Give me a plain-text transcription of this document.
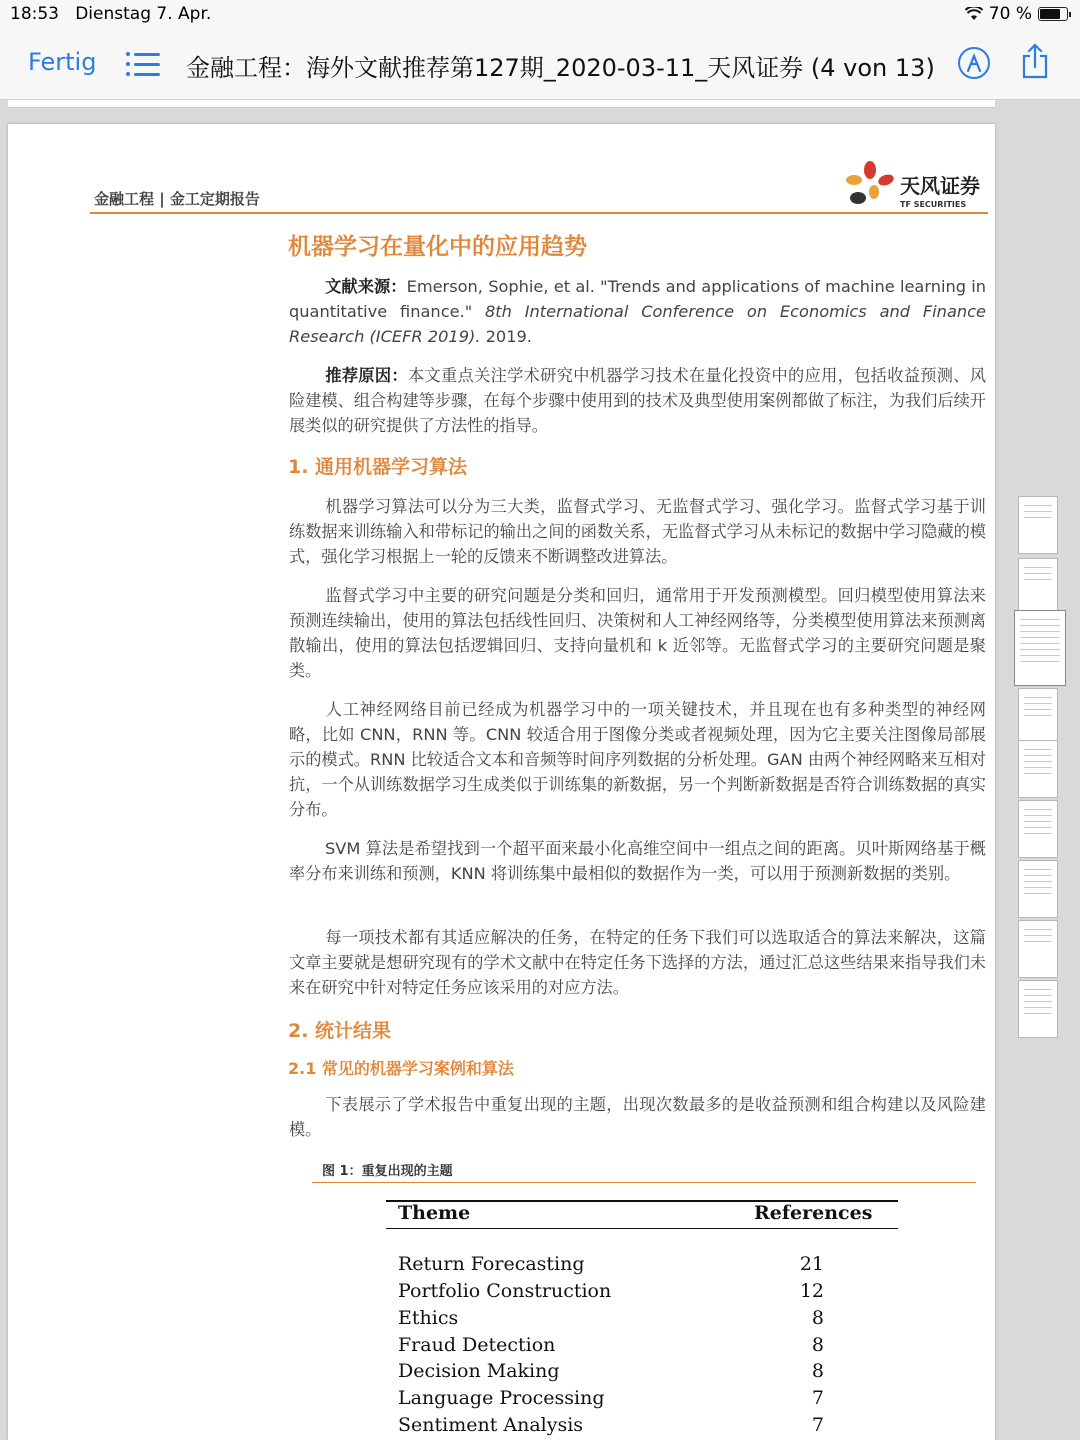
18:53 Dienstag 7. Apr.	70 %
Fertig	金融工程：海外文献推荐第127期_2020-03-11_天风证券 (4 von 13)
金融工程 | 金工定期报告
天风证券
TF SECURITIES
机器学习在量化中的应用趋势
文献来源：Emerson, Sophie, et al. "Trends and applications of machine learning in quantitative finance." 8th International Conference on Economics and Finance Research (ICEFR 2019). 2019.
推荐原因：本文重点关注学术研究中机器学习技术在量化投资中的应用，包括收益预测、风险建模、组合构建等步骤，在每个步骤中使用到的技术及典型使用案例都做了标注，为我们后续开展类似的研究提供了方法性的指导。
1. 通用机器学习算法
机器学习算法可以分为三大类，监督式学习、无监督式学习、强化学习。监督式学习基于训练数据来训练输入和带标记的输出之间的函数关系，无监督式学习从未标记的数据中学习隐藏的模式，强化学习根据上一轮的反馈来不断调整改进算法。
监督式学习中主要的研究问题是分类和回归，通常用于开发预测模型。回归模型使用算法来预测连续输出，使用的算法包括线性回归、决策树和人工神经网络等，分类模型使用算法来预测离散输出，使用的算法包括逻辑回归、支持向量机和 k 近邻等。无监督式学习的主要研究问题是聚类。
人工神经网络目前已经成为机器学习中的一项关键技术，并且现在也有多种类型的神经网略，比如 CNN，RNN 等。CNN 较适合用于图像分类或者视频处理，因为它主要关注图像局部展示的模式。RNN 比较适合文本和音频等时间序列数据的分析处理。GAN 由两个神经网略来互相对抗，一个从训练数据学习生成类似于训练集的新数据，另一个判断新数据是否符合训练数据的真实分布。
SVM 算法是希望找到一个超平面来最小化高维空间中一组点之间的距离。贝叶斯网络基于概率分布来训练和预测，KNN 将训练集中最相似的数据作为一类，可以用于预测新数据的类别。
每一项技术都有其适应解决的任务，在特定的任务下我们可以选取适合的算法来解决，这篇文章主要就是想研究现有的学术文献中在特定任务下选择的方法，通过汇总这些结果来指导我们未来在研究中针对特定任务应该采用的对应方法。
2. 统计结果
2.1 常见的机器学习案例和算法
下表展示了学术报告中重复出现的主题，出现次数最多的是收益预测和组合构建以及风险建模。
图 1：重复出现的主题
Theme	References
Return Forecasting	21
Portfolio Construction	12
Ethics	8
Fraud Detection	8
Decision Making	8
Language Processing	7
Sentiment Analysis	7
